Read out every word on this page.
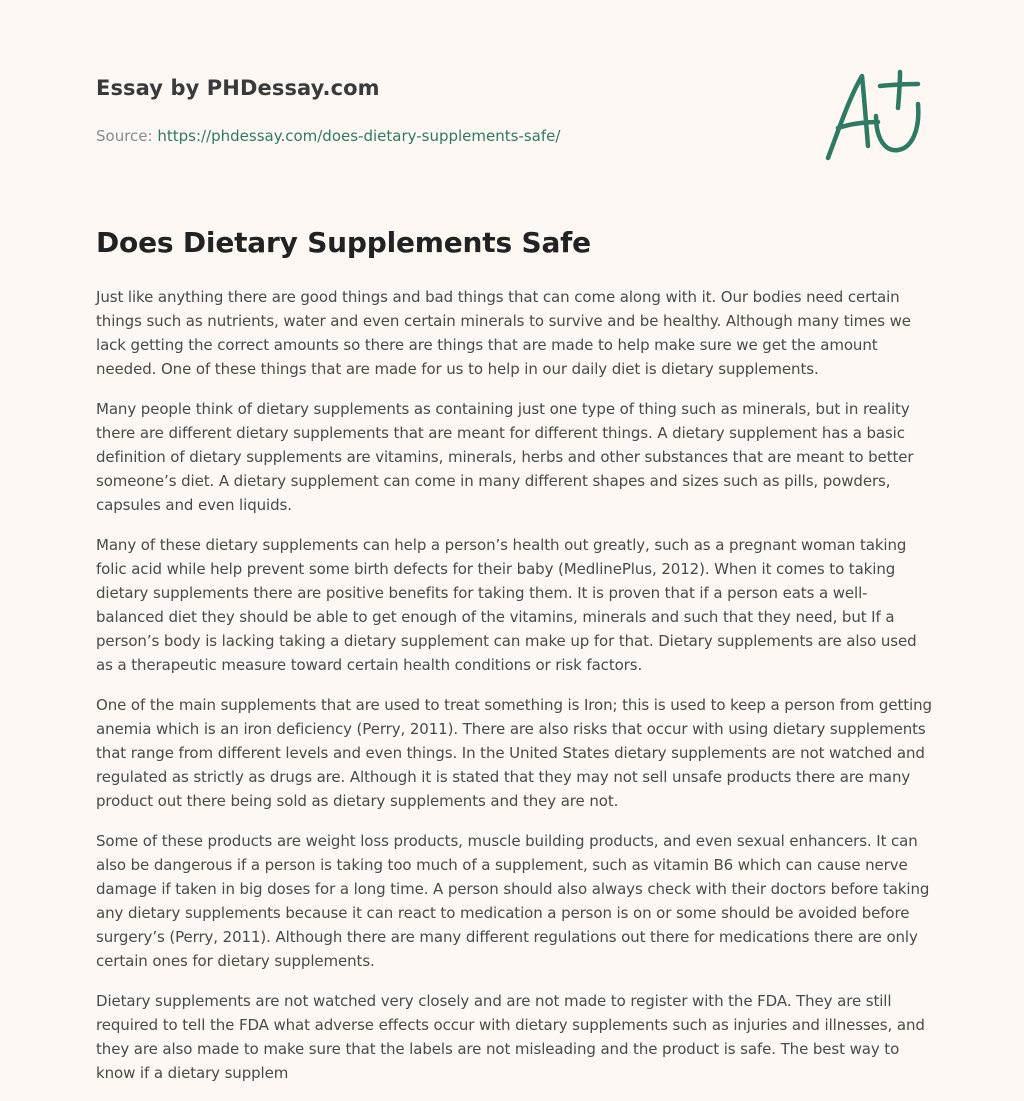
Essay by PHDessay.com
Source: https://phdessay.com/does-dietary-supplements-safe/
Does Dietary Supplements Safe

Just like anything there are good things and bad things that can come along with it. Our bodies need certain things such as nutrients, water and even certain minerals to survive and be healthy. Although many times we lack getting the correct amounts so there are things that are made to help make sure we get the amount needed. One of these things that are made for us to help in our daily diet is dietary supplements.

Many people think of dietary supplements as containing just one type of thing such as minerals, but in reality there are different dietary supplements that are meant for different things. A dietary supplement has a basic definition of dietary supplements are vitamins, minerals, herbs and other substances that are meant to better someone’s diet. A dietary supplement can come in many different shapes and sizes such as pills, powders, capsules and even liquids.

Many of these dietary supplements can help a person’s health out greatly, such as a pregnant woman taking folic acid while help prevent some birth defects for their baby (MedlinePlus, 2012). When it comes to taking dietary supplements there are positive benefits for taking them. It is proven that if a person eats a well-balanced diet they should be able to get enough of the vitamins, minerals and such that they need, but If a person’s body is lacking taking a dietary supplement can make up for that. Dietary supplements are also used as a therapeutic measure toward certain health conditions or risk factors.

One of the main supplements that are used to treat something is Iron; this is used to keep a person from getting anemia which is an iron deficiency (Perry, 2011). There are also risks that occur with using dietary supplements that range from different levels and even things. In the United States dietary supplements are not watched and regulated as strictly as drugs are. Although it is stated that they may not sell unsafe products there are many product out there being sold as dietary supplements and they are not.

Some of these products are weight loss products, muscle building products, and even sexual enhancers. It can also be dangerous if a person is taking too much of a supplement, such as vitamin B6 which can cause nerve damage if taken in big doses for a long time. A person should also always check with their doctors before taking any dietary supplements because it can react to medication a person is on or some should be avoided before surgery’s (Perry, 2011). Although there are many different regulations out there for medications there are only certain ones for dietary supplements.

Dietary supplements are not watched very closely and are not made to register with the FDA. They are still required to tell the FDA what adverse effects occur with dietary supplements such as injuries and illnesses, and they are also made to make sure that the labels are not misleading and the product is safe. The best way to know if a dietary supplem
